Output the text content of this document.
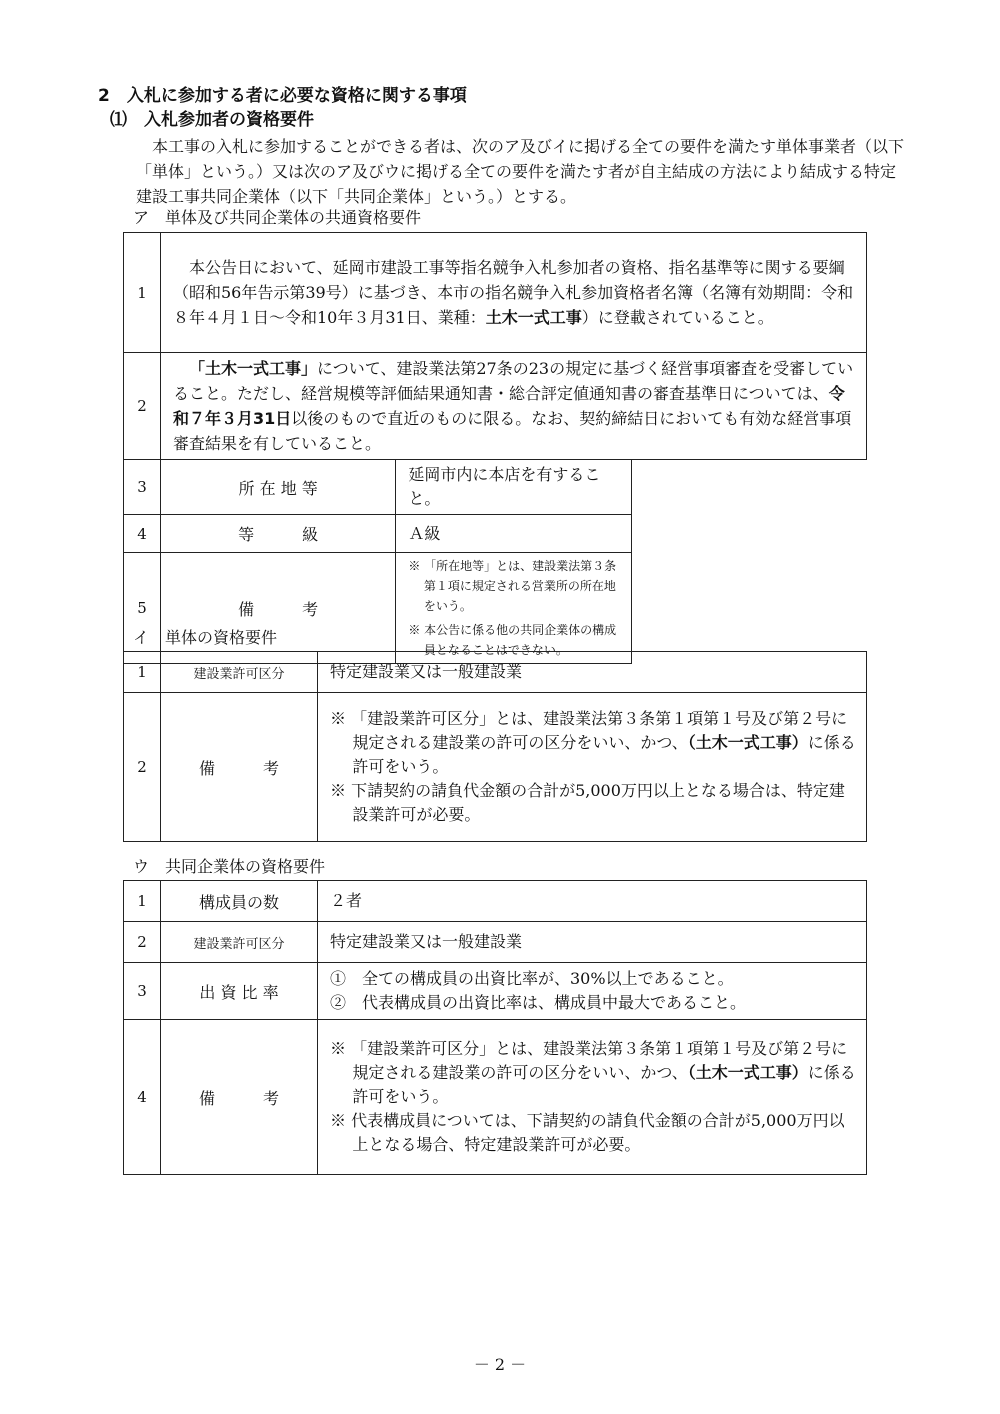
2　入札に参加する者に必要な資格に関する事項
⑴　入札参加者の資格要件

本工事の入札に参加することができる者は、次のア及びイに掲げる全ての要件を満たす単体事業者（以下「単体」という。）又は次のア及びウに掲げる全ての要件を満たす者が自主結成の方法により結成する特定建設工事共同企業体（以下「共同企業体」という。）とする。

ア　単体及び共同企業体の共通資格要件
1	本公告日において、延岡市建設工事等指名競争入札参加者の資格、指名基準等に関する要綱（昭和56年告示第39号）に基づき、本市の指名競争入札参加資格者名簿（名簿有効期間：令和８年４月１日～令和10年３月31日、業種：土木一式工事）に登載されていること。	

2	「土木一式工事」について、建設業法第27条の23の規定に基づく経営事項審査を受審していること。ただし、経営規模等評価結果通知書・総合評定値通知書の審査基準日については、令和７年３月31日以後のもので直近のものに限る。なお、契約締結日においても有効な経営事項審査結果を有していること。	

3	所 在 地 等	延岡市内に本店を有すること。
4	等　　　級	Ａ級
5	備　　　考	※ 「所在地等」とは、建設業法第３条第１項に規定される営業所の所在地をいう。
※ 本公告に係る他の共同企業体の構成員となることはできない。
イ　単体の資格要件
1	建設業許可区分	特定建設業又は一般建設業
2	備　　　考	※ 「建設業許可区分」とは、建設業法第３条第１項第１号及び第２号に規定される建設業の許可の区分をいい、かつ、（土木一式工事）に係る許可をいう。
※ 下請契約の請負代金額の合計が5,000万円以上となる場合は、特定建設業許可が必要。
ウ　共同企業体の資格要件
1	構成員の数	２者
2	建設業許可区分	特定建設業又は一般建設業
3	出 資 比 率	①　全ての構成員の出資比率が、30%以上であること。
②　代表構成員の出資比率は、構成員中最大であること。

4	備　　　考	※ 「建設業許可区分」とは、建設業法第３条第１項第１号及び第２号に規定される建設業の許可の区分をいい、かつ、（土木一式工事）に係る許可をいう。
※ 代表構成員については、下請契約の請負代金額の合計が5,000万円以上となる場合、特定建設業許可が必要。
－ 2 －
